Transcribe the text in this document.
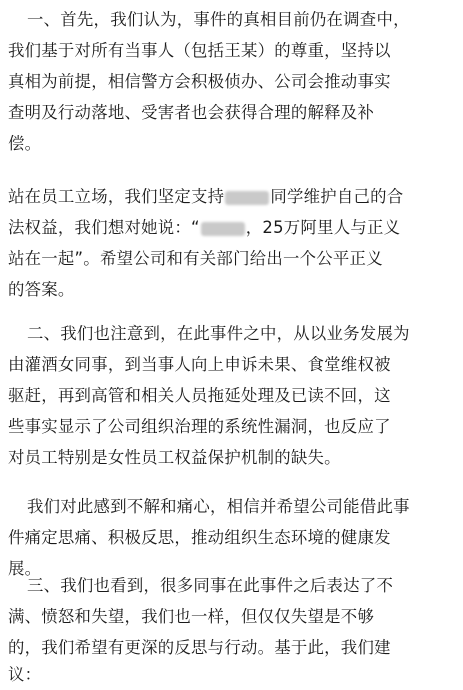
一、首先，我们认为，事件的真相目前仍在调查中，
我们基于对所有当事人（包括王某）的尊重，坚持以
真相为前提，相信警方会积极侦办、公司会推动事实
查明及行动落地、受害者也会获得合理的解释及补
偿。
站在员工立场，我们坚定支持	同学维护自己的合
法权益，我们想对她说：“	，25万阿里人与正义
站在一起”。希望公司和有关部门给出一个公平正义
的答案。
二、我们也注意到，在此事件之中，从以业务发展为
由灌酒女同事，到当事人向上申诉未果、食堂维权被
驱赶，再到高管和相关人员拖延处理及已读不回，这
些事实显示了公司组织治理的系统性漏洞，也反应了
对员工特别是女性员工权益保护机制的缺失。
我们对此感到不解和痛心，相信并希望公司能借此事
件痛定思痛、积极反思，推动组织生态环境的健康发
展。
三、我们也看到，很多同事在此事件之后表达了不
满、愤怒和失望，我们也一样，但仅仅失望是不够
的，我们希望有更深的反思与行动。基于此，我们建
议：
